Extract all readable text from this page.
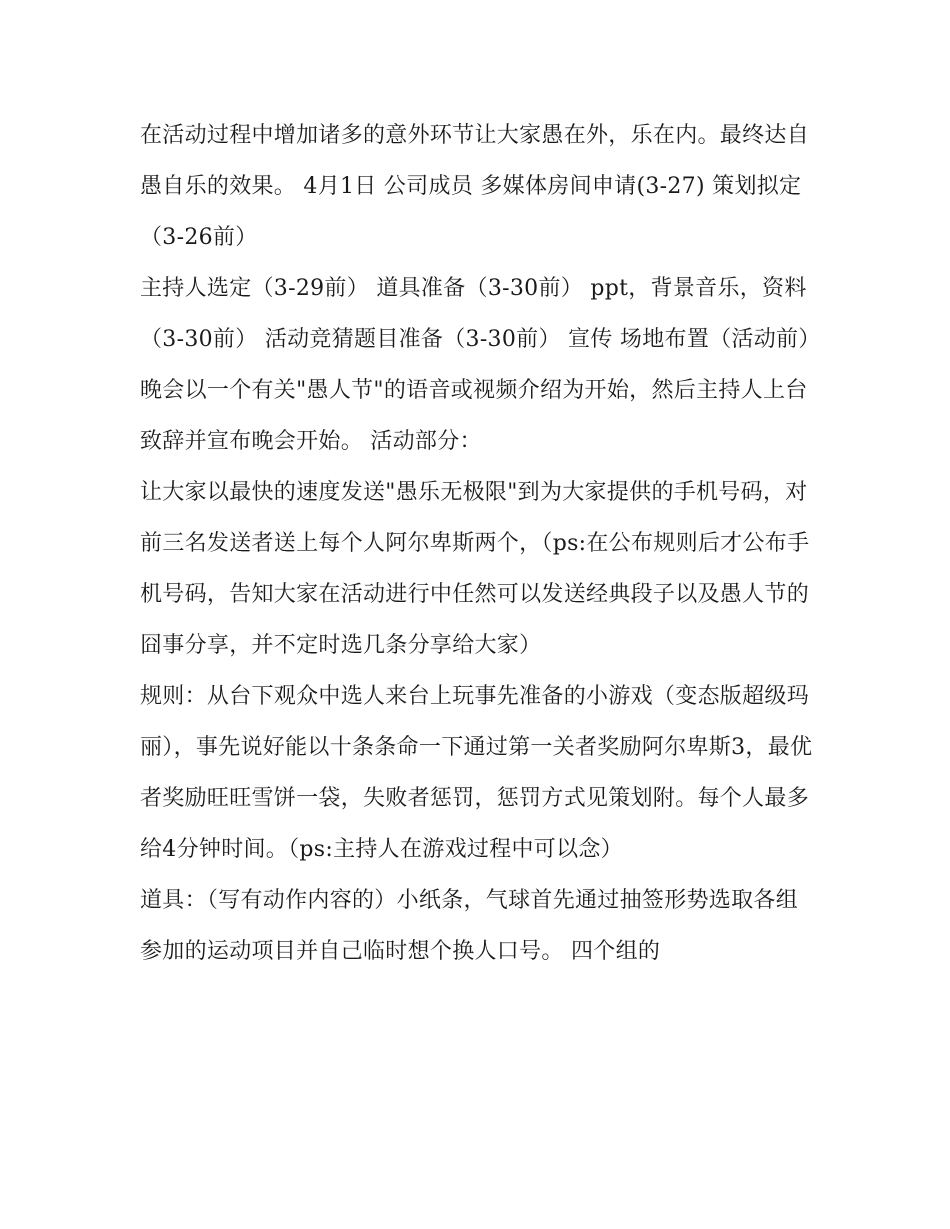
在活动过程中增加诸多的意外环节让大家愚在外，乐在内。最终达自愚自乐的效果。 4月1日 公司成员 多媒体房间申请(3-27) 策划拟定（3-26前）

主持人选定（3-29前） 道具准备（3-30前） ppt，背景音乐，资料（3-30前） 活动竞猜题目准备（3-30前） 宣传 场地布置（活动前）

晚会以一个有关"愚人节"的语音或视频介绍为开始，然后主持人上台致辞并宣布晚会开始。 活动部分：

让大家以最快的速度发送"愚乐无极限"到为大家提供的手机号码，对前三名发送者送上每个人阿尔卑斯两个，（ps:在公布规则后才公布手机号码，告知大家在活动进行中任然可以发送经典段子以及愚人节的囧事分享，并不定时选几条分享给大家）

规则：从台下观众中选人来台上玩事先准备的小游戏（变态版超级玛丽），事先说好能以十条条命一下通过第一关者奖励阿尔卑斯3，最优者奖励旺旺雪饼一袋，失败者惩罚，惩罚方式见策划附。每个人最多给4分钟时间。（ps:主持人在游戏过程中可以念）

道具：（写有动作内容的）小纸条，气球首先通过抽签形势选取各组参加的运动项目并自己临时想个换人口号。 四个组的
